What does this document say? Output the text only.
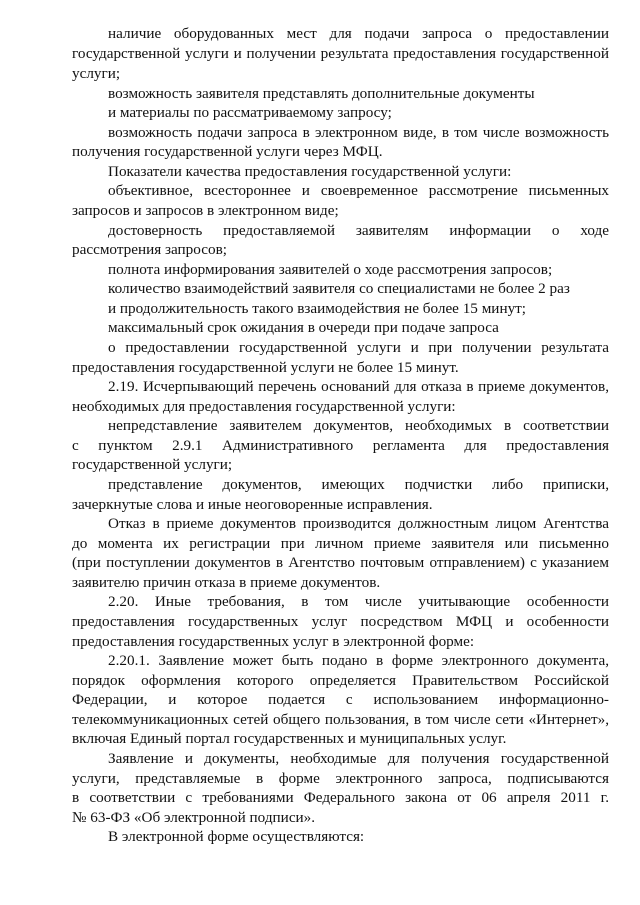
наличие оборудованных мест для подачи запроса о предоставлении
государственной услуги и получении результата предоставления государственной
услуги;
возможность заявителя представлять дополнительные документы
и материалы по рассматриваемому запросу;
возможность подачи запроса в электронном виде, в том числе возможность
получения государственной услуги через МФЦ.
Показатели качества предоставления государственной услуги:
объективное, всестороннее и своевременное рассмотрение письменных
запросов и запросов в электронном виде;
достоверность предоставляемой заявителям информации о ходе
рассмотрения запросов;
полнота информирования заявителей о ходе рассмотрения запросов;
количество взаимодействий заявителя со специалистами не более 2 раз
и продолжительность такого взаимодействия не более 15 минут;
максимальный срок ожидания в очереди при подаче запроса
о предоставлении государственной услуги и при получении результата
предоставления государственной услуги не более 15 минут.
2.19. Исчерпывающий перечень оснований для отказа в приеме документов,
необходимых для предоставления государственной услуги:
непредставление заявителем документов, необходимых в соответствии
с пунктом 2.9.1 Административного регламента для предоставления
государственной услуги;
представление документов, имеющих подчистки либо приписки,
зачеркнутые слова и иные неоговоренные исправления.
Отказ в приеме документов производится должностным лицом Агентства
до момента их регистрации при личном приеме заявителя или письменно
(при поступлении документов в Агентство почтовым отправлением) с указанием
заявителю причин отказа в приеме документов.
2.20. Иные требования, в том числе учитывающие особенности
предоставления государственных услуг посредством МФЦ и особенности
предоставления государственных услуг в электронной форме:
2.20.1. Заявление может быть подано в форме электронного документа,
порядок оформления которого определяется Правительством Российской
Федерации, и которое подается с использованием информационно-
телекоммуникационных сетей общего пользования, в том числе сети «Интернет»,
включая Единый портал государственных и муниципальных услуг.
Заявление и документы, необходимые для получения государственной
услуги, представляемые в форме электронного запроса, подписываются
в соответствии с требованиями Федерального закона от 06 апреля 2011 г.
№ 63-ФЗ «Об электронной подписи».
В электронной форме осуществляются:
